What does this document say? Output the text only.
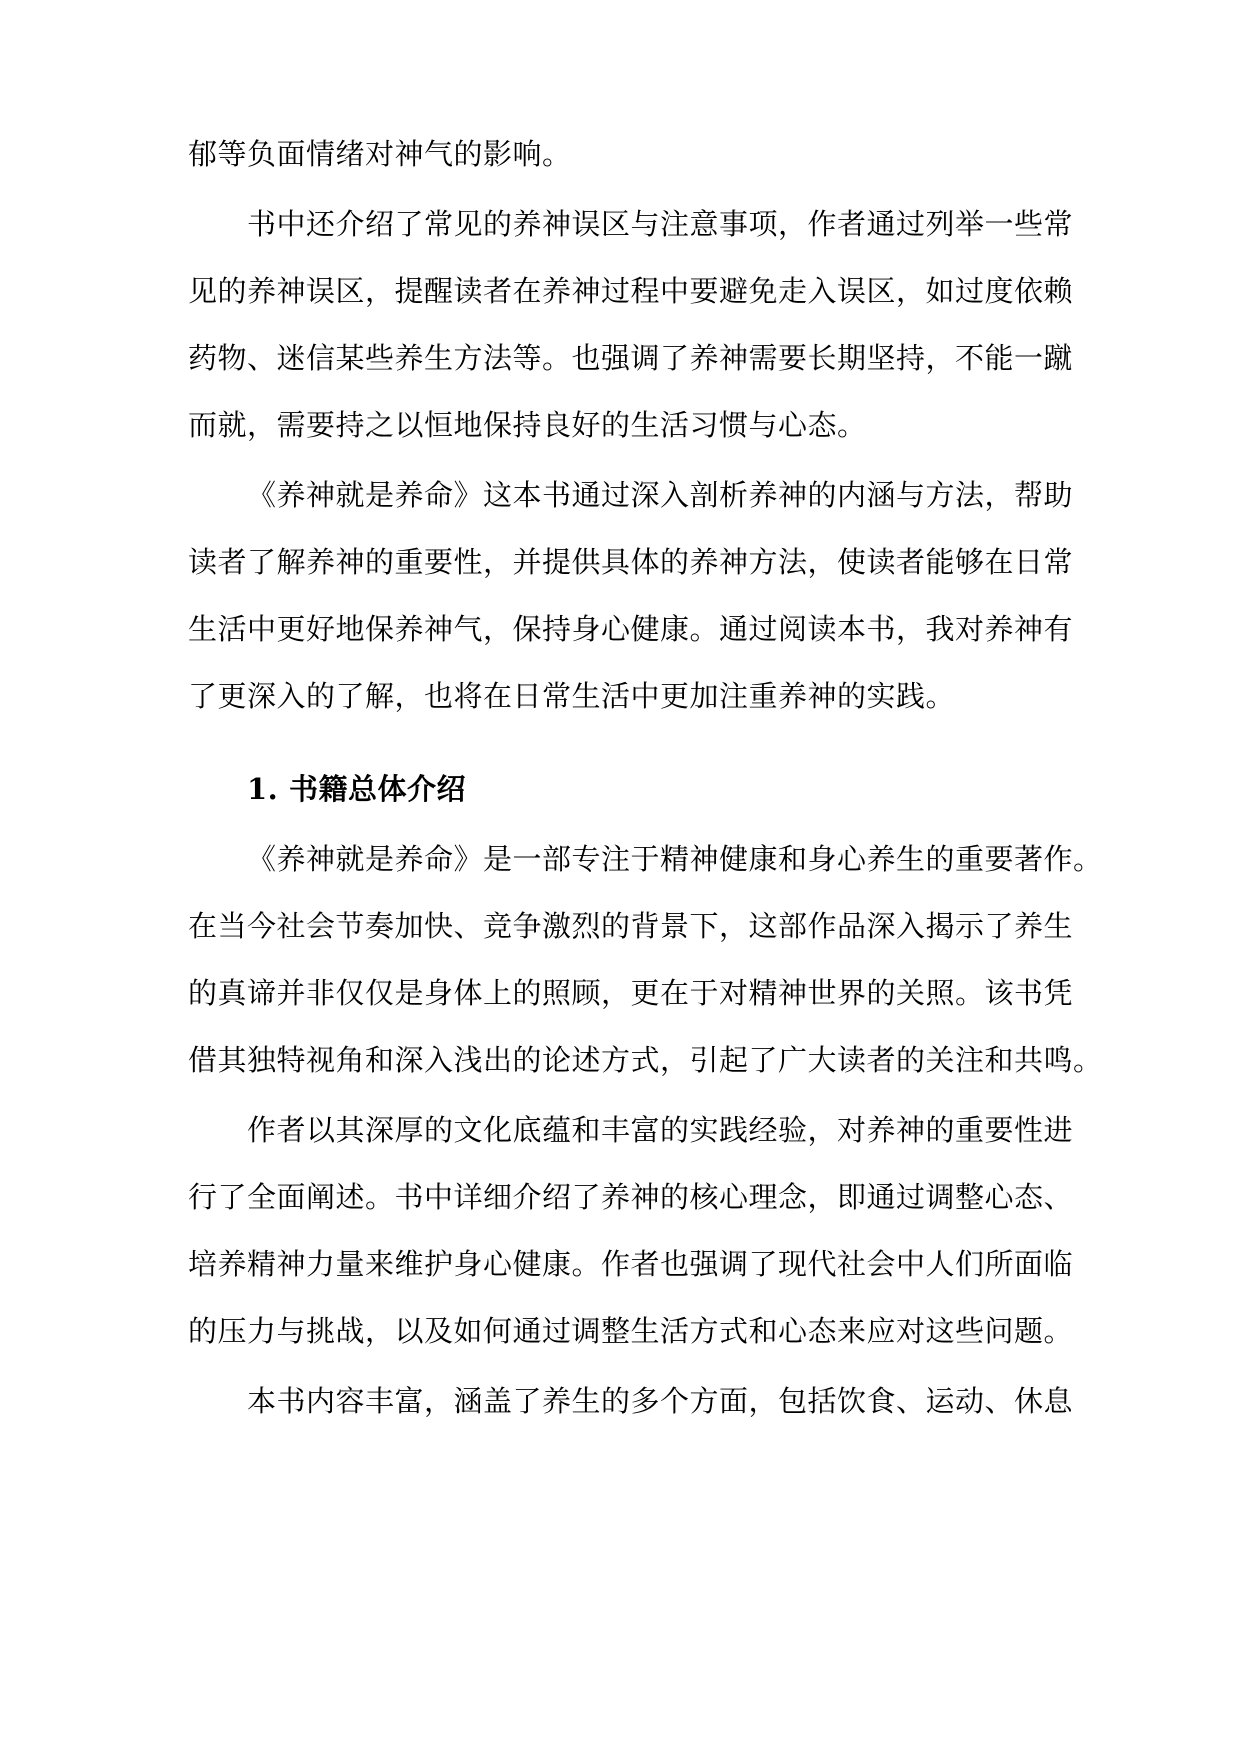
郁等负面情绪对神气的影响。

书中还介绍了常见的养神误区与注意事项，作者通过列举一些常

见的养神误区，提醒读者在养神过程中要避免走入误区，如过度依赖

药物、迷信某些养生方法等。也强调了养神需要长期坚持，不能一蹴

而就，需要持之以恒地保持良好的生活习惯与心态。

《养神就是养命》这本书通过深入剖析养神的内涵与方法，帮助

读者了解养神的重要性，并提供具体的养神方法，使读者能够在日常

生活中更好地保养神气，保持身心健康。通过阅读本书，我对养神有

了更深入的了解，也将在日常生活中更加注重养神的实践。

1. 书籍总体介绍

《养神就是养命》是一部专注于精神健康和身心养生的重要著作。

在当今社会节奏加快、竞争激烈的背景下，这部作品深入揭示了养生

的真谛并非仅仅是身体上的照顾，更在于对精神世界的关照。该书凭

借其独特视角和深入浅出的论述方式，引起了广大读者的关注和共鸣。

作者以其深厚的文化底蕴和丰富的实践经验，对养神的重要性进

行了全面阐述。书中详细介绍了养神的核心理念，即通过调整心态、

培养精神力量来维护身心健康。作者也强调了现代社会中人们所面临

的压力与挑战，以及如何通过调整生活方式和心态来应对这些问题。

本书内容丰富，涵盖了养生的多个方面，包括饮食、运动、休息
